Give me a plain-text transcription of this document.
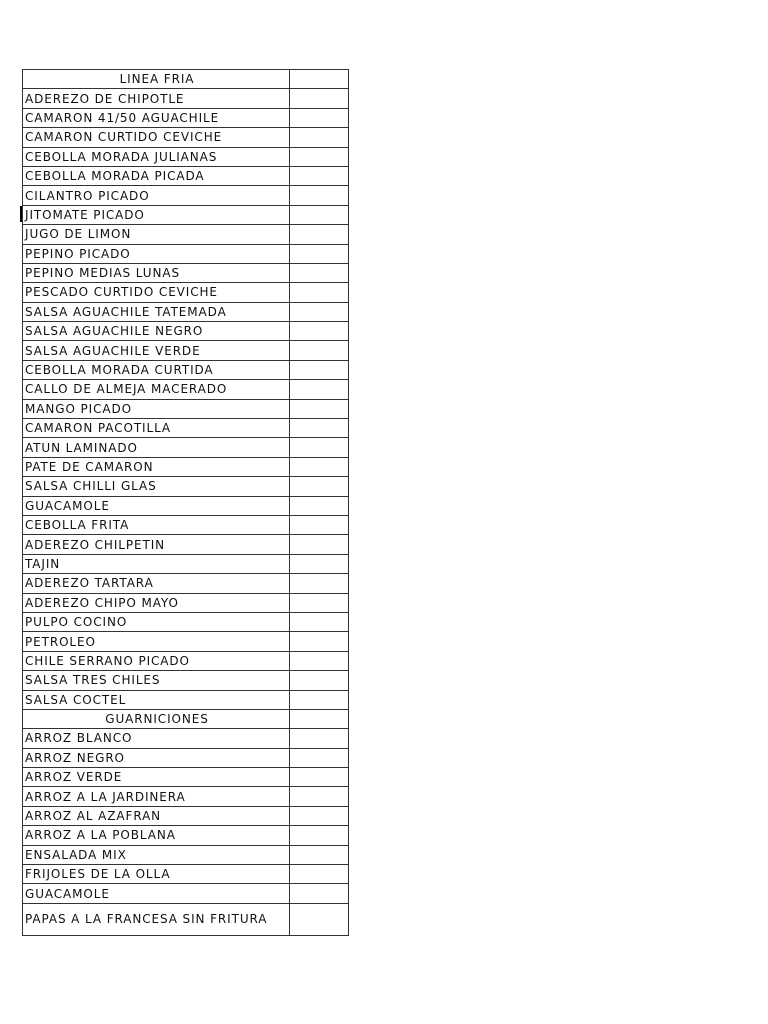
LINEA FRIA	
ADEREZO DE CHIPOTLE	
CAMARON 41/50 AGUACHILE	
CAMARON CURTIDO CEVICHE	
CEBOLLA MORADA JULIANAS	
CEBOLLA MORADA PICADA	
CILANTRO PICADO	
JITOMATE PICADO	
JUGO DE LIMON	
PEPINO PICADO	
PEPINO MEDIAS LUNAS	
PESCADO CURTIDO CEVICHE	
SALSA AGUACHILE TATEMADA	
SALSA AGUACHILE NEGRO	
SALSA AGUACHILE VERDE	
CEBOLLA MORADA CURTIDA	
CALLO DE ALMEJA MACERADO	
MANGO PICADO	
CAMARON PACOTILLA	
ATUN LAMINADO	
PATE DE CAMARON	
SALSA CHILLI GLAS	
GUACAMOLE	
CEBOLLA FRITA	
ADEREZO CHILPETIN	
TAJIN	
ADEREZO TARTARA	
ADEREZO CHIPO MAYO	
PULPO COCINO	
PETROLEO	
CHILE SERRANO PICADO	
SALSA TRES CHILES	
SALSA COCTEL	
GUARNICIONES	
ARROZ BLANCO	
ARROZ NEGRO	
ARROZ VERDE	
ARROZ A LA JARDINERA	
ARROZ AL AZAFRAN	
ARROZ A LA POBLANA	
ENSALADA MIX	
FRIJOLES DE LA OLLA	
GUACAMOLE	
PAPAS A LA FRANCESA SIN FRITURA	
